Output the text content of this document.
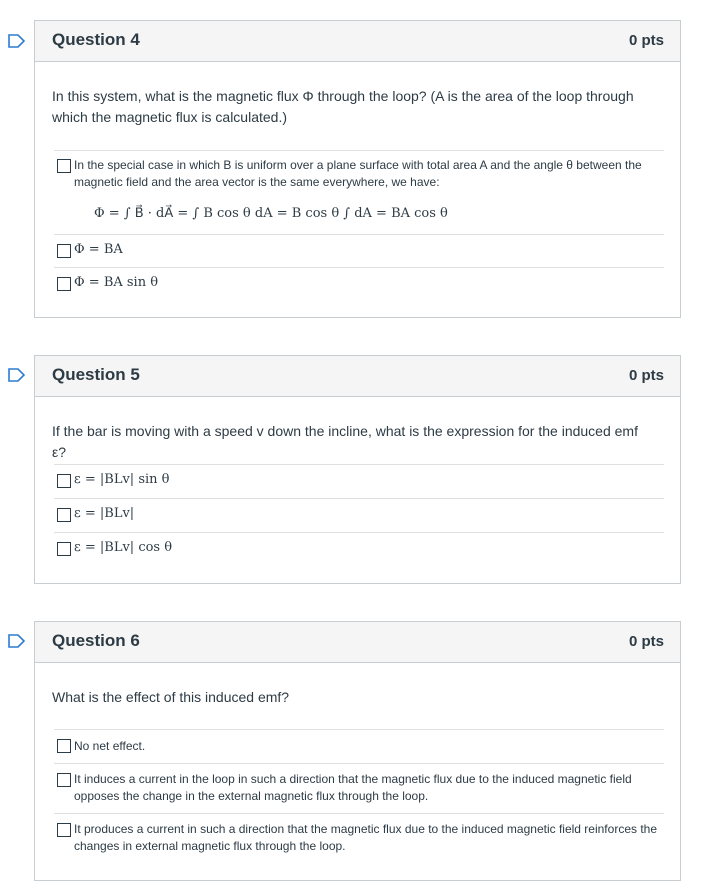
Question 4	0 pts
In this system, what is the magnetic flux Φ through the loop? (A is the area of the loop through which the magnetic flux is calculated.)
In the special case in which B is uniform over a plane surface with total area A and the angle θ between the magnetic field and the area vector is the same everywhere, we have:
Φ = ∫ B⃗ · dA⃗ = ∫ B cos θ dA = B cos θ ∫ dA = BA cos θ
Φ = BA
Φ = BA sin θ
Question 5	0 pts
If the bar is moving with a speed v down the incline, what is the expression for the induced emf ε?
ε = |BLv| sin θ
ε = |BLv|
ε = |BLv| cos θ
Question 6	0 pts
What is the effect of this induced emf?
No net effect.
It induces a current in the loop in such a direction that the magnetic flux due to the induced magnetic field opposes the change in the external magnetic flux through the loop.
It produces a current in such a direction that the magnetic flux due to the induced magnetic field reinforces the changes in external magnetic flux through the loop.
